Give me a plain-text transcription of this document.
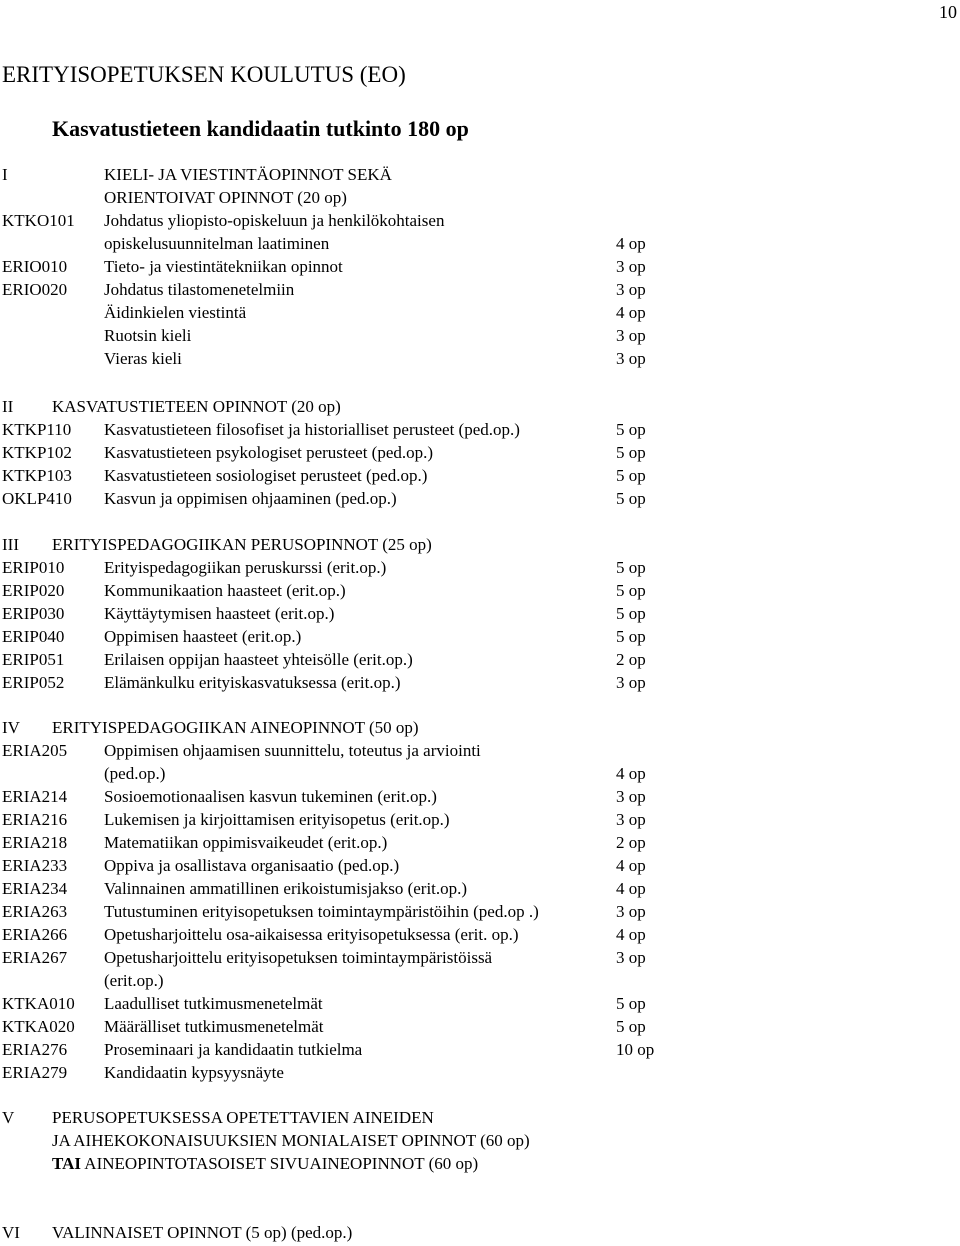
10
ERITYISOPETUKSEN KOULUTUS (EO)
Kasvatustieteen kandidaatin tutkinto 180 op
I	KIELI- JA VIESTINTÄOPINNOT SEKÄ
ORIENTOIVAT OPINNOT (20 op)
KTKO101 Johdatus yliopisto-opiskeluun ja henkilökohtaisen
opiskelusuunnitelman laatiminen	4 op
ERIO010 Tieto- ja viestintätekniikan opinnot	3 op
ERIO020 Johdatus tilastomenetelmiin	3 op
Äidinkielen viestintä	4 op
Ruotsin kieli	3 op
Vieras kieli	3 op
II KASVATUSTIETEEN OPINNOT (20 op)
KTKP110 Kasvatustieteen filosofiset ja historialliset perusteet (ped.op.)	5 op
KTKP102 Kasvatustieteen psykologiset perusteet (ped.op.)	5 op
KTKP103 Kasvatustieteen sosiologiset perusteet (ped.op.)	5 op
OKLP410 Kasvun ja oppimisen ohjaaminen (ped.op.)	5 op
III ERITYISPEDAGOGIIKAN PERUSOPINNOT (25 op)
ERIP010 Erityispedagogiikan peruskurssi (erit.op.)	5 op
ERIP020 Kommunikaation haasteet (erit.op.)	5 op
ERIP030 Käyttäytymisen haasteet (erit.op.)	5 op
ERIP040 Oppimisen haasteet (erit.op.)	5 op
ERIP051 Erilaisen oppijan haasteet yhteisölle (erit.op.)	2 op
ERIP052 Elämänkulku erityiskasvatuksessa (erit.op.)	3 op
IV ERITYISPEDAGOGIIKAN AINEOPINNOT (50 op)
ERIA205 Oppimisen ohjaamisen suunnittelu, toteutus ja arviointi
(ped.op.)	4 op
ERIA214 Sosioemotionaalisen kasvun tukeminen (erit.op.)	3 op
ERIA216 Lukemisen ja kirjoittamisen erityisopetus (erit.op.)	3 op
ERIA218 Matematiikan oppimisvaikeudet (erit.op.)	2 op
ERIA233 Oppiva ja osallistava organisaatio (ped.op.)	4 op
ERIA234 Valinnainen ammatillinen erikoistumisjakso (erit.op.)	4 op
ERIA263 Tutustuminen erityisopetuksen toimintaympäristöihin (ped.op .)	3 op
ERIA266 Opetusharjoittelu osa-aikaisessa erityisopetuksessa (erit. op.)	4 op
ERIA267 Opetusharjoittelu erityisopetuksen toimintaympäristöissä	3 op
(erit.op.)
KTKA010 Laadulliset tutkimusmenetelmät	5 op
KTKA020 Määrälliset tutkimusmenetelmät	5 op
ERIA276 Proseminaari ja kandidaatin tutkielma	10 op
ERIA279 Kandidaatin kypsyysnäyte
V PERUSOPETUKSESSA OPETETTAVIEN AINEIDEN
JA AIHEKOKONAISUUKSIEN MONIALAISET OPINNOT (60 op)
TAI AINEOPINTOTASOISET SIVUAINEOPINNOT (60 op)
VI VALINNAISET OPINNOT (5 op) (ped.op.)
